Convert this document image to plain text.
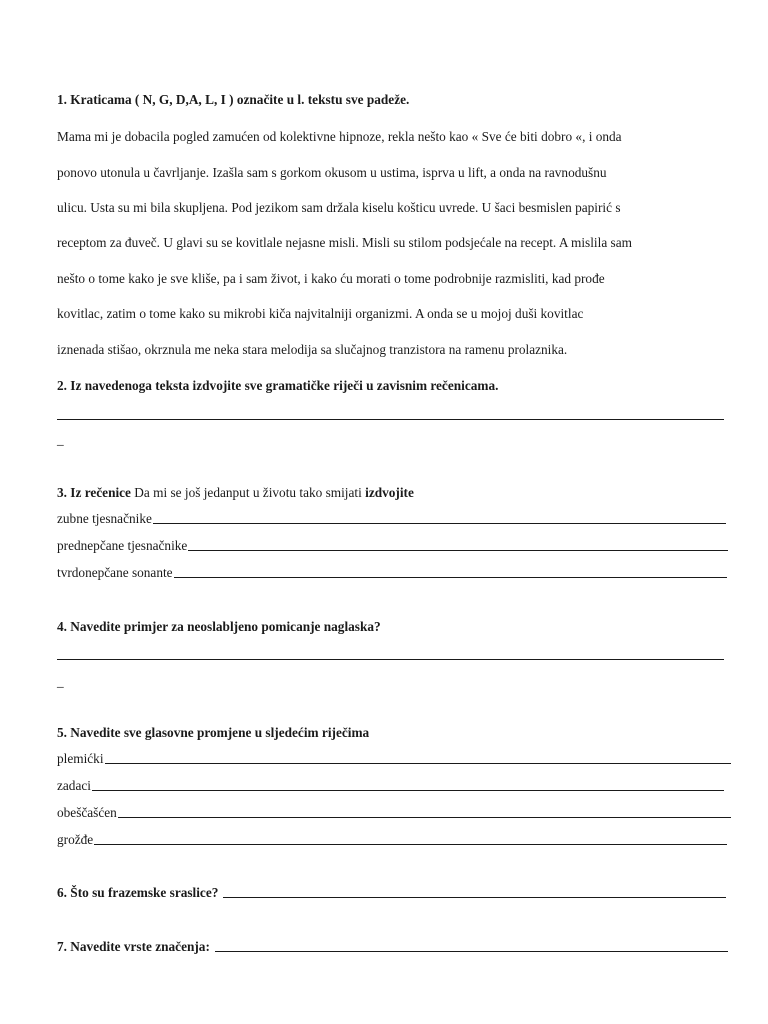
1. Kraticama ( N, G, D,A, L, I ) označite u l. tekstu sve padeže.
Mama mi je dobacila pogled zamućen od kolektivne hipnoze, rekla nešto kao « Sve će biti dobro «, i onda
ponovo utonula u čavrljanje. Izašla sam s gorkom okusom u ustima, isprva u lift, a onda na ravnodušnu
ulicu. Usta su mi bila skupljena. Pod jezikom sam držala kiselu košticu uvrede. U šaci besmislen papirić s
receptom za đuveč. U glavi su se kovitlale nejasne misli. Misli su stilom podsjećale na recept. A mislila sam
nešto o tome kako je sve kliše, pa i sam život, i kako ću morati o tome podrobnije razmisliti, kad prođe
kovitlac, zatim o tome kako su mikrobi kiča najvitalniji organizmi. A onda se u mojoj duši kovitlac
iznenada stišao, okrznula me neka stara melodija sa slučajnog tranzistora na ramenu prolaznika.
2. Iz navedenoga teksta izdvojite sve gramatičke riječi u zavisnim rečenicama.
_
3. Iz rečenice Da mi se još jedanput u životu tako smijati izdvojite
zubne tjesnačnike
prednepčane tjesnačnike
tvrdonepčane sonante
4. Navedite primjer za neoslabljeno pomicanje naglaska?
_
5. Navedite sve glasovne promjene u sljedećim riječima
plemićki
zadaci
obeščašćen
grožđe
6. Što su frazemske sraslice?
7. Navedite vrste značenja:
